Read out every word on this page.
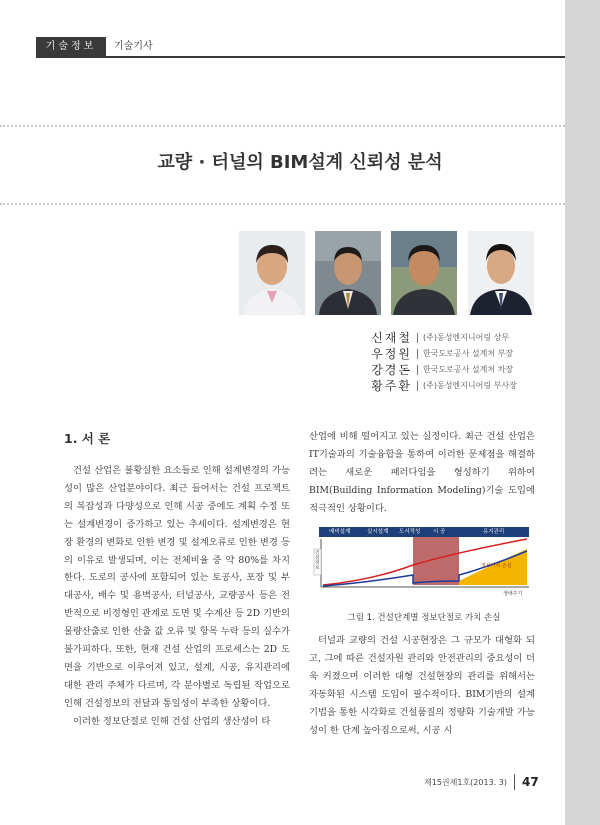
기술정보	기술기사
교량 · 터널의 BIM설계 신뢰성 분석
신재철 (주)동성엔지니어링 상무
우정원 한국도로공사 설계처 부장
강경돈 한국도로공사 설계처 차장
황주환 (주)동성엔지니어링 부사장
1. 서 론

건설 산업은 불황실한 요소들로 인해 설계변경의 가능성이 많은 산업분야이다. 최근 들어서는 건설 프로젝트의 복잡성과 다양성으로 인해 시공 중에도 계획 수정 또는 설계변경이 증가하고 있는 추세이다. 설계변경은 현장 환경의 변화로 인한 변경 및 설계오류로 인한 변경 등의 이유로 발생되며, 이는 전체비율 중 약 80%를 차지한다. 도로의 공사에 포함되어 있는 토공사, 포장 및 부대공사, 배수 및 용벽공사, 터널공사, 교량공사 등은 전반적으로 비정형인 관계로 도면 및 수계산 등 2D 기반의 물량산출로 인한 산출 값 오류 및 항목 누락 등의 실수가 불가피하다. 또한, 현재 건설 산업의 프로세스는 2D 도면을 기반으로 이루어져 있고, 설계, 시공, 유지관리에 대한 관리 주체가 다르며, 각 분야별로 독립된 작업으로 인해 건설정보의 전달과 통일성이 부족한 상황이다.

이러한 정보단절로 인해 건설 산업의 생산성이 타

산업에 비해 떨어지고 있는 실정이다. 최근 건설 산업은 IT기술과의 기술융합을 통하여 이러한 문제점을 해결하려는 새로운 패러다임을 형성하기 위하여 BIM(Building Information Modeling)기술 도입에 적극적인 상황이다.

예비설계	실시설계 도서작성 시 공	유지관리
건설정보	정보가치 손실
생애주기
그림 1. 건설단계별 정보단절로 가치 손실

터널과 교량의 건설 시공현장은 그 규모가 대형화 되고, 그에 따른 건설자원 관리와 안전관리의 중요성이 더욱 커졌으며 이러한 대형 건설현장의 관리를 위해서는 자동화된 시스템 도입이 필수적이다. BIM기반의 설계기법을 통한 시각화로 건설품질의 정량화 기술개발 가능성이 한 단계 높아짐으로써, 시공 시

제15권제1호(2013. 3) 47
